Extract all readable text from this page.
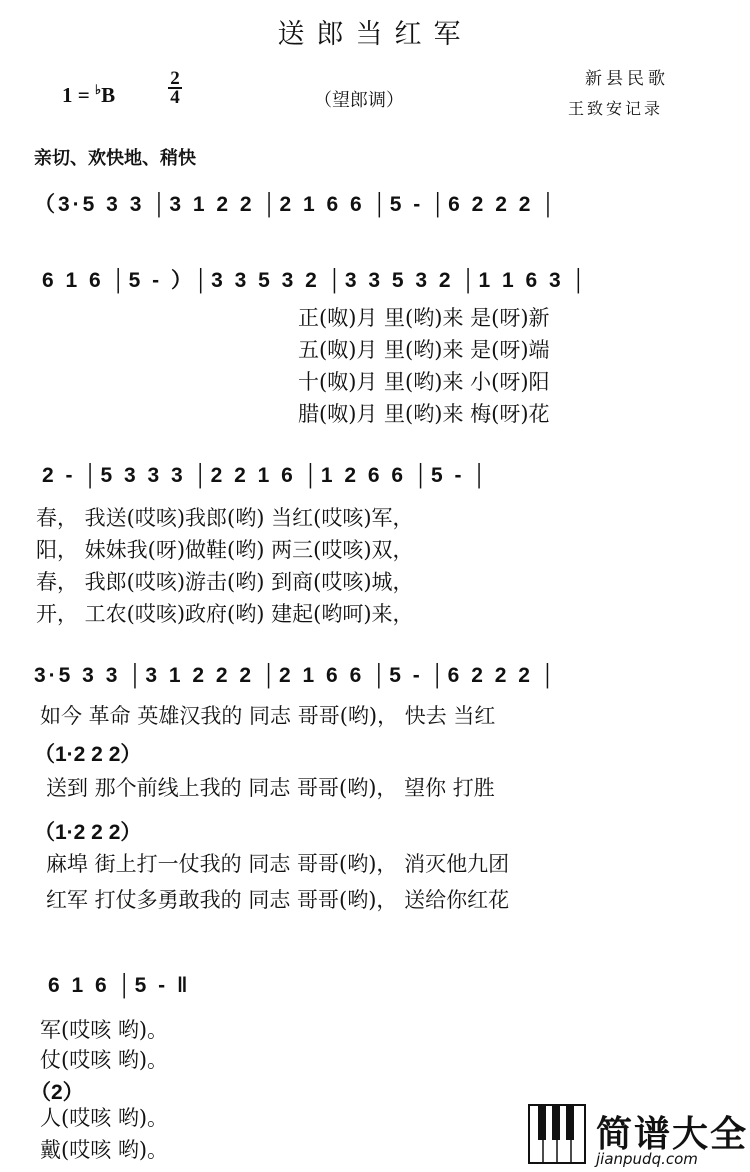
送郎当红军
1 = ♭B	$\frac{2}{4}$	（望郎调）
新县民歌
王致安记录
亲切、欢快地、稍快
（3·5 3 3 │3 1 2 2 │2 1 6 6 │5 - │6 2 2 2 │
6 1 6 │5 - ）│3 3 5 3 2 │3 3 5 3 2 │1 1 6 3 │
2 - │5 3 3 3 │2 2 1 6 │1 2 6 6 │5 - │
3·5 3 3 │3 1 2 2 2 │2 1 6 6 │5 - │6 2 2 2 │
6 1 6 │5 - ‖
正(呶)月 里(哟)来 是(呀)新
五(呶)月 里(哟)来 是(呀)端
十(呶)月 里(哟)来 小(呀)阳
腊(呶)月 里(哟)来 梅(呀)花
春， 我送(哎咳)我郎(哟) 当红(哎咳)军，
阳， 妹妹我(呀)做鞋(哟) 两三(哎咳)双，
春， 我郎(哎咳)游击(哟) 到商(哎咳)城，
开， 工农(哎咳)政府(哟) 建起(哟呵)来，
如今 革命 英雄汉我的 同志 哥哥(哟)， 快去 当红
（1·2 2 2）
送到 那个前线上我的 同志 哥哥(哟)， 望你 打胜
（1·2 2 2）
麻埠 街上打一仗我的 同志 哥哥(哟)， 消灭他九团
红军 打仗多勇敢我的 同志 哥哥(哟)， 送给你红花
军(哎咳 哟)。
仗(哎咳 哟)。
（2）
人(哎咳 哟)。
戴(哎咳 哟)。	简谱大全
jianpudq.com
